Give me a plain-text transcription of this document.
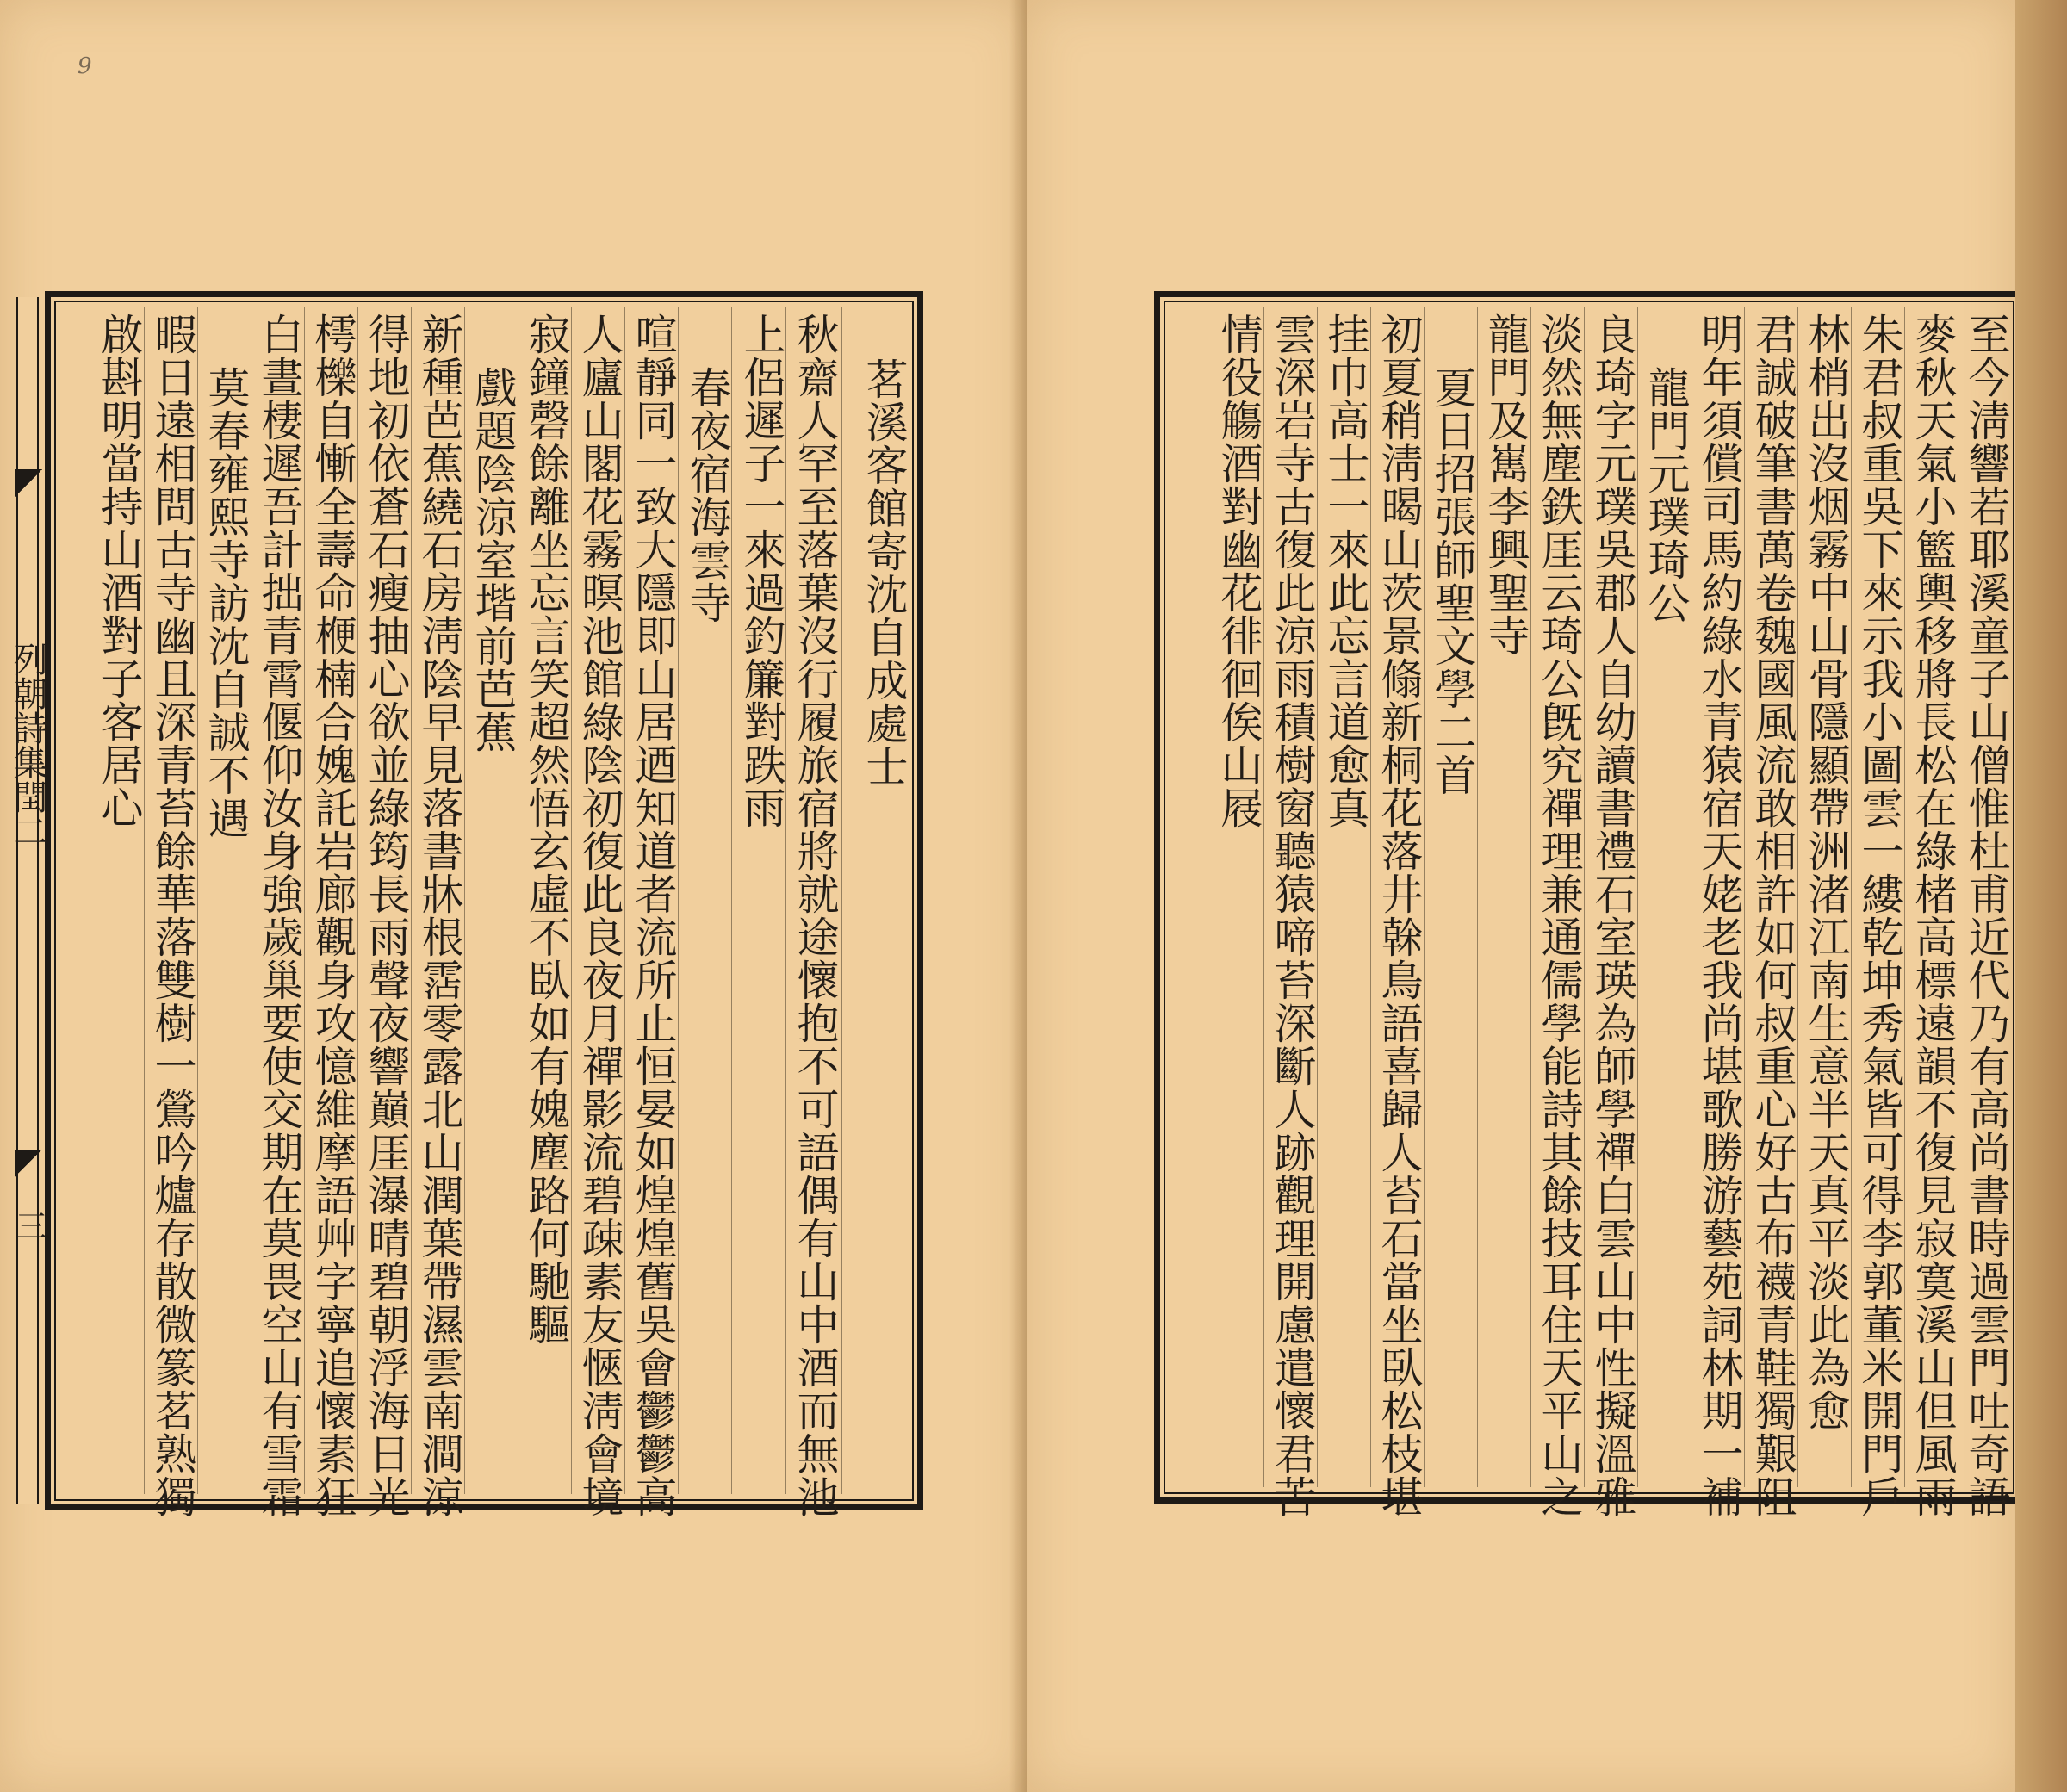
9
列朝詩集閏二
三
茗溪客館寄沈自成處士
秋齋人罕至落葉沒行履旅宿將就途懷抱不可語偶有山中酒而無池
上侶遲子一來過釣簾對跌雨
春夜宿海雲寺
喧靜同一致大隱即山居迺知道者流所止恒晏如煌煌舊吳會鬱鬱高
人廬山閣花霧暝池館綠陰初復此良夜月禪影流碧疎素友愜淸會境
寂鐘磬餘離坐忘言笑超然悟玄虛不臥如有媿塵路何馳驅
戲題陰涼室堦前芭蕉
新種芭蕉繞石房淸陰早見落書牀根霑零露北山潤葉帶濕雲南澗涼
得地初依蒼石瘦抽心欲並綠筠長雨聲夜響巔厓瀑晴碧朝浮海日光
樗櫟自慚全壽命楩楠合媿託岩廊觀身攻憶維摩語艸字寧追懷素狂
白晝棲遲吾計拙青霄偃仰汝身強歲巢要使交期在莫畏空山有雪霜
莫春雍熙寺訪沈自誠不遇
暇日遠相問古寺幽且深青苔餘華落雙樹一鶯吟爐存散微篆茗熟獨
啟斟明當持山酒對子客居心	至今淸響若耶溪童子山僧惟杜甫近代乃有高尚書時過雲門吐奇語
麥秋天氣小籃輿移將長松在綠楮高標遠韻不復見寂寞溪山但風雨
朱君叔重吳下來示我小圖雲一縷乾坤秀氣皆可得李郭董米開門戶
林梢出沒烟霧中山骨隱顯帶洲渚江南生意半天真平淡此為愈
君誠破筆書萬卷魏國風流敢相許如何叔重心好古布襪青鞋獨艱阻
明年須償司馬約綠水青猿宿天姥老我尚堪歌勝游藝苑詞林期一補
龍門元璞琦公
良琦字元璞吳郡人自幼讀書禮石室瑛為師學禪白雲山中性擬溫雅
淡然無塵鉄厓云琦公旣究禪理兼通儒學能詩其餘技耳住天平山之
龍門及嶲李興聖寺
夏日招張師聖文學二首
初夏稍淸暍山茨景翛新桐花落井榦鳥語喜歸人苔石當坐臥松枝堪
挂巾高士一來此忘言道愈真
雲深岩寺古復此涼雨積樹窗聽猿啼苔深斷人跡觀理開慮遣懷君苦
情役觴酒對幽花徘徊俟山屐
